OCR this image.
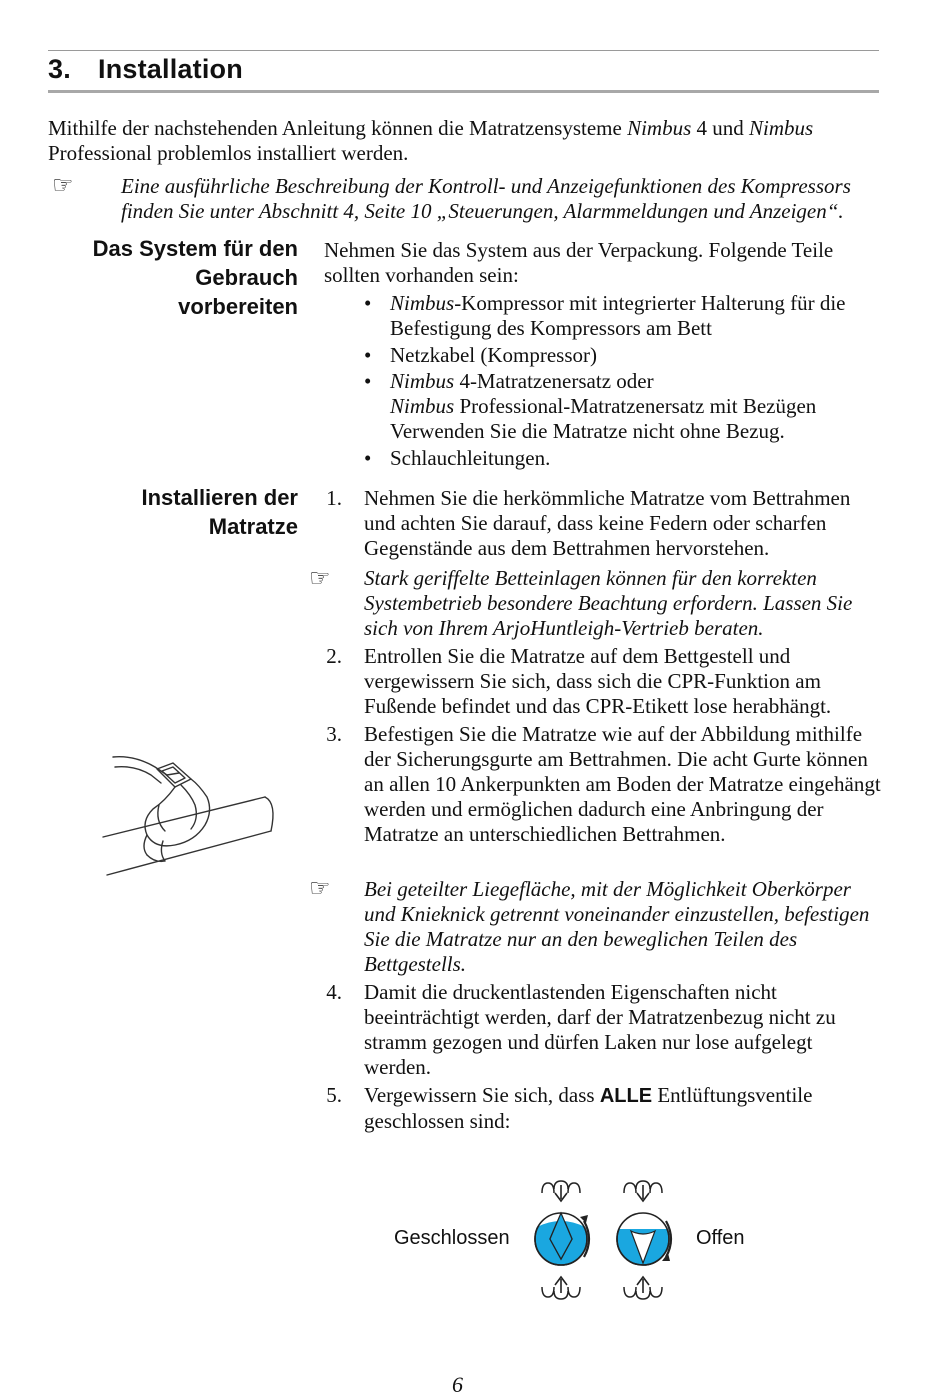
3. Installation
Mithilfe der nachstehenden Anleitung können die Matratzensysteme Nimbus 4 und Nimbus Professional problemlos installiert werden.
☞ Eine ausführliche Beschreibung der Kontroll- und Anzeigefunktionen des Kompressors finden Sie unter Abschnitt 4, Seite 10 „Steuerungen, Alarmmeldungen und Anzeigen“.
Das System für den
Gebrauch
vorbereiten
Nehmen Sie das System aus der Verpackung. Folgende Teile sollten vorhanden sein:
• Nimbus-Kompressor mit integrierter Halterung für die Befestigung des Kompressors am Bett
• Netzkabel (Kompressor)
• Nimbus 4-Matratzenersatz oder
Nimbus Professional-Matratzenersatz mit Bezügen Verwenden Sie die Matratze nicht ohne Bezug.
• Schlauchleitungen.
Installieren der
Matratze
1. Nehmen Sie die herkömmliche Matratze vom Bettrahmen und achten Sie darauf, dass keine Federn oder scharfen Gegenstände aus dem Bettrahmen hervorstehen.
☞ Stark geriffelte Betteinlagen können für den korrekten Systembetrieb besondere Beachtung erfordern. Lassen Sie sich von Ihrem ArjoHuntleigh-Vertrieb beraten.
2. Entrollen Sie die Matratze auf dem Bettgestell und vergewissern Sie sich, dass sich die CPR-Funktion am Fußende befindet und das CPR-Etikett lose herabhängt.
3. Befestigen Sie die Matratze wie auf der Abbildung mithilfe der Sicherungsgurte am Bettrahmen. Die acht Gurte können an allen 10 Ankerpunkten am Boden der Matratze eingehängt werden und ermöglichen dadurch eine Anbringung der Matratze an unterschiedlichen Bettrahmen.
☞ Bei geteilter Liegefläche, mit der Möglichkeit Oberkörper und Knieknick getrennt voneinander einzustellen, befestigen Sie die Matratze nur an den beweglichen Teilen des Bettgestells.
4. Damit die druckentlastenden Eigenschaften nicht beeinträchtigt werden, darf der Matratzenbezug nicht zu stramm gezogen und dürfen Laken nur lose aufgelegt werden.
5. Vergewissern Sie sich, dass ALLE Entlüftungsventile geschlossen sind:
Geschlossen	Offen
6
